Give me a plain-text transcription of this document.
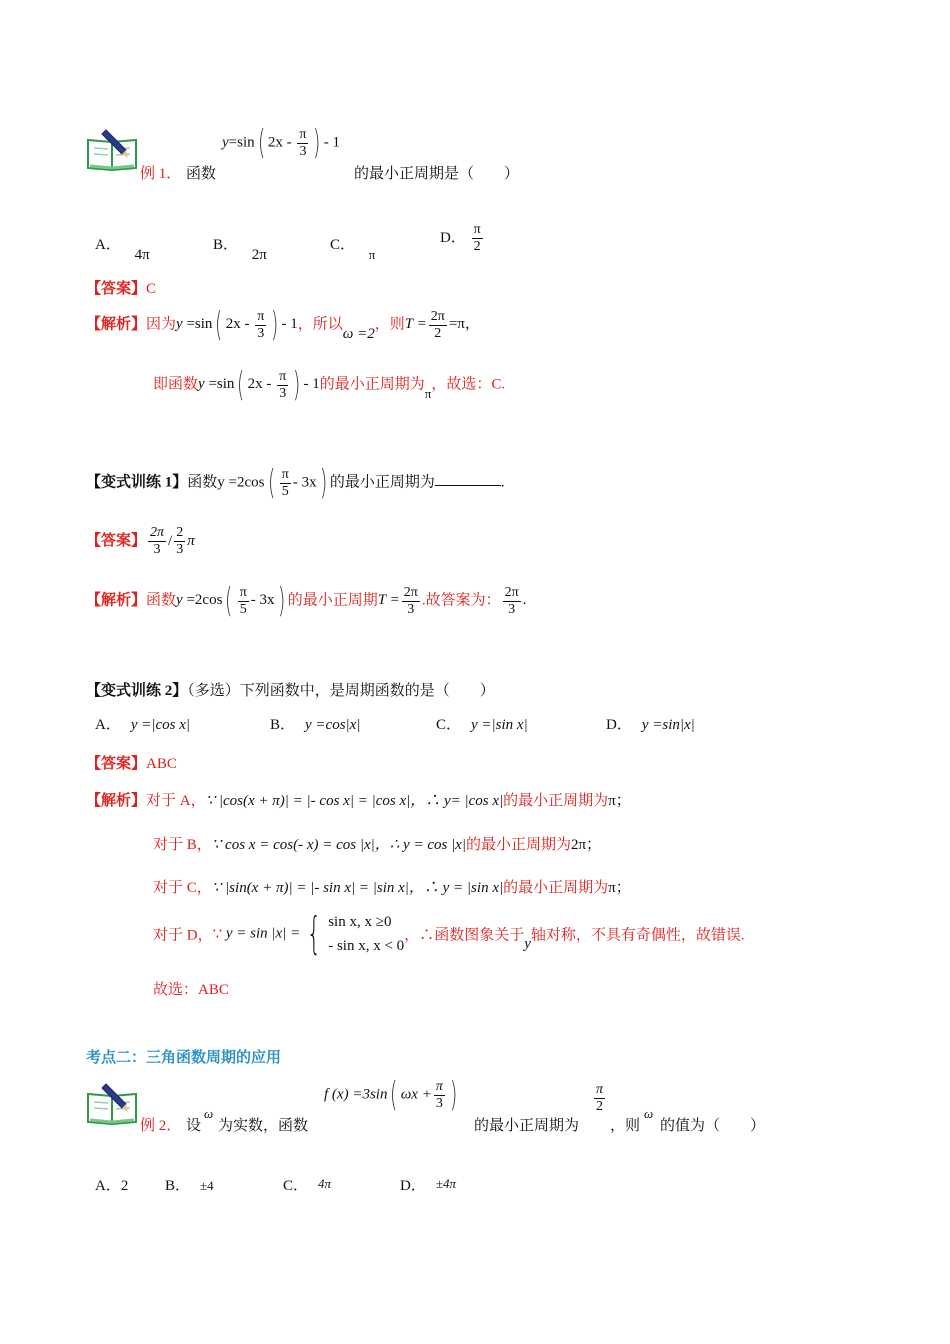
例 1． 函数
y=sin( $2x - \frac{\pi}{3}$ ) - 1
的最小正周期是（　　）
A． 4π
B． 2π
C． π
D． $\frac{\pi}{2}$
【答案】C
【解析】因为y =sin( $2x - \frac{\pi}{3}$ ) - 1，所以ω =2，则$T = \frac{2\pi}{2} =\pi$，
即函数y =sin( $2x - \frac{\pi}{3}$ ) - 1的最小正周期为π，故选：C.
【变式训练 1】函数$y =2\cos( \frac{\pi}{5} - 3x)$ 的最小正周期为	.
【答案】 $\frac{2\pi}{3} / \frac{2}{3}$ π
【解析】函数$y =2\cos( \frac{\pi}{5} - 3x)$ 的最小正周期$T = \frac{2\pi}{3}$ .故答案为： $\frac{2\pi}{3}$ .
【变式训练 2】（多选）下列函数中，是周期函数的是（　　）
A． y =|cos x|	B． y =cos|x|	C． y =|sin x|	D． y =sin|x|
【答案】ABC
【解析】对于 A，∵ |cos(x + π)| = |- cos x| = |cos x|，∴ y= |cos x|的最小正周期为π；
对于 B，∵ cos x = cos(- x) = cos |x|，∴ y = cos |x|的最小正周期为2π；
对于 C，∵ |sin(x + π)| = |- sin x| = |sin x|，∴ y = |sin x|的最小正周期为π；
对于 D，∵ y = sin |x| = { sin x, x ≥0
- sin x, x < 0
，∴函数图象关于y轴对称，不具有奇偶性，故错误.
故选：ABC
考点二：三角函数周期的应用
例 2． 设
ω
为实数，函数
f (x) =3sin( $\omega x + \frac{\pi}{3}$ )
的最小正周期为
$\frac{\pi}{2}$
，则
ω
的值为（　　）
A．2 B． ±4	C． 4π	D． ±4π
